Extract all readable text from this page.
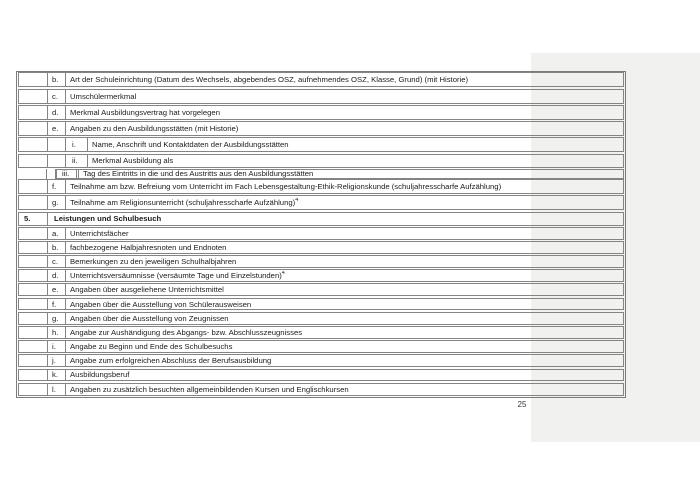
b.	Art der Schuleinrichtung (Datum des Wechsels, abgebendes OSZ, aufnehmendes OSZ, Klasse, Grund) (mit Historie)
c.	Umschülermerkmal
d.	Merkmal Ausbildungsvertrag hat vorgelegen
e.	Angaben zu den Ausbildungsstätten (mit Historie)
i.	Name, Anschrift und Kontaktdaten der Ausbildungsstätten
ii.	Merkmal Ausbildung als
iii. Tag des Eintritts in die und des Austritts aus den Ausbildungsstätten
f.	Teilnahme am bzw. Befreiung vom Unterricht im Fach Lebensgestaltung-Ethik-Religionskunde (schuljahresscharfe Aufzählung)
g.	Teilnahme am Religionsunterricht (schuljahresscharfe Aufzählung)$^4$
5.	Leistungen und Schulbesuch
a.	Unterrichtsfächer
b.	fachbezogene Halbjahresnoten und Endnoten
c.	Bemerkungen zu den jeweiligen Schulhalbjahren
d.	Unterrichtsversäumnisse (versäumte Tage und Einzelstunden)$^4$
e.	Angaben über ausgeliehene Unterrichtsmittel
f.	Angaben über die Ausstellung von Schülerausweisen
g.	Angaben über die Ausstellung von Zeugnissen
h.	Angabe zur Aushändigung des Abgangs- bzw. Abschlusszeugnisses
i.	Angabe zu Beginn und Ende des Schulbesuchs
j.	Angabe zum erfolgreichen Abschluss der Berufsausbildung
k.	Ausbildungsberuf
l.	Angaben zu zusätzlich besuchten allgemeinbildenden Kursen und Englischkursen
25
